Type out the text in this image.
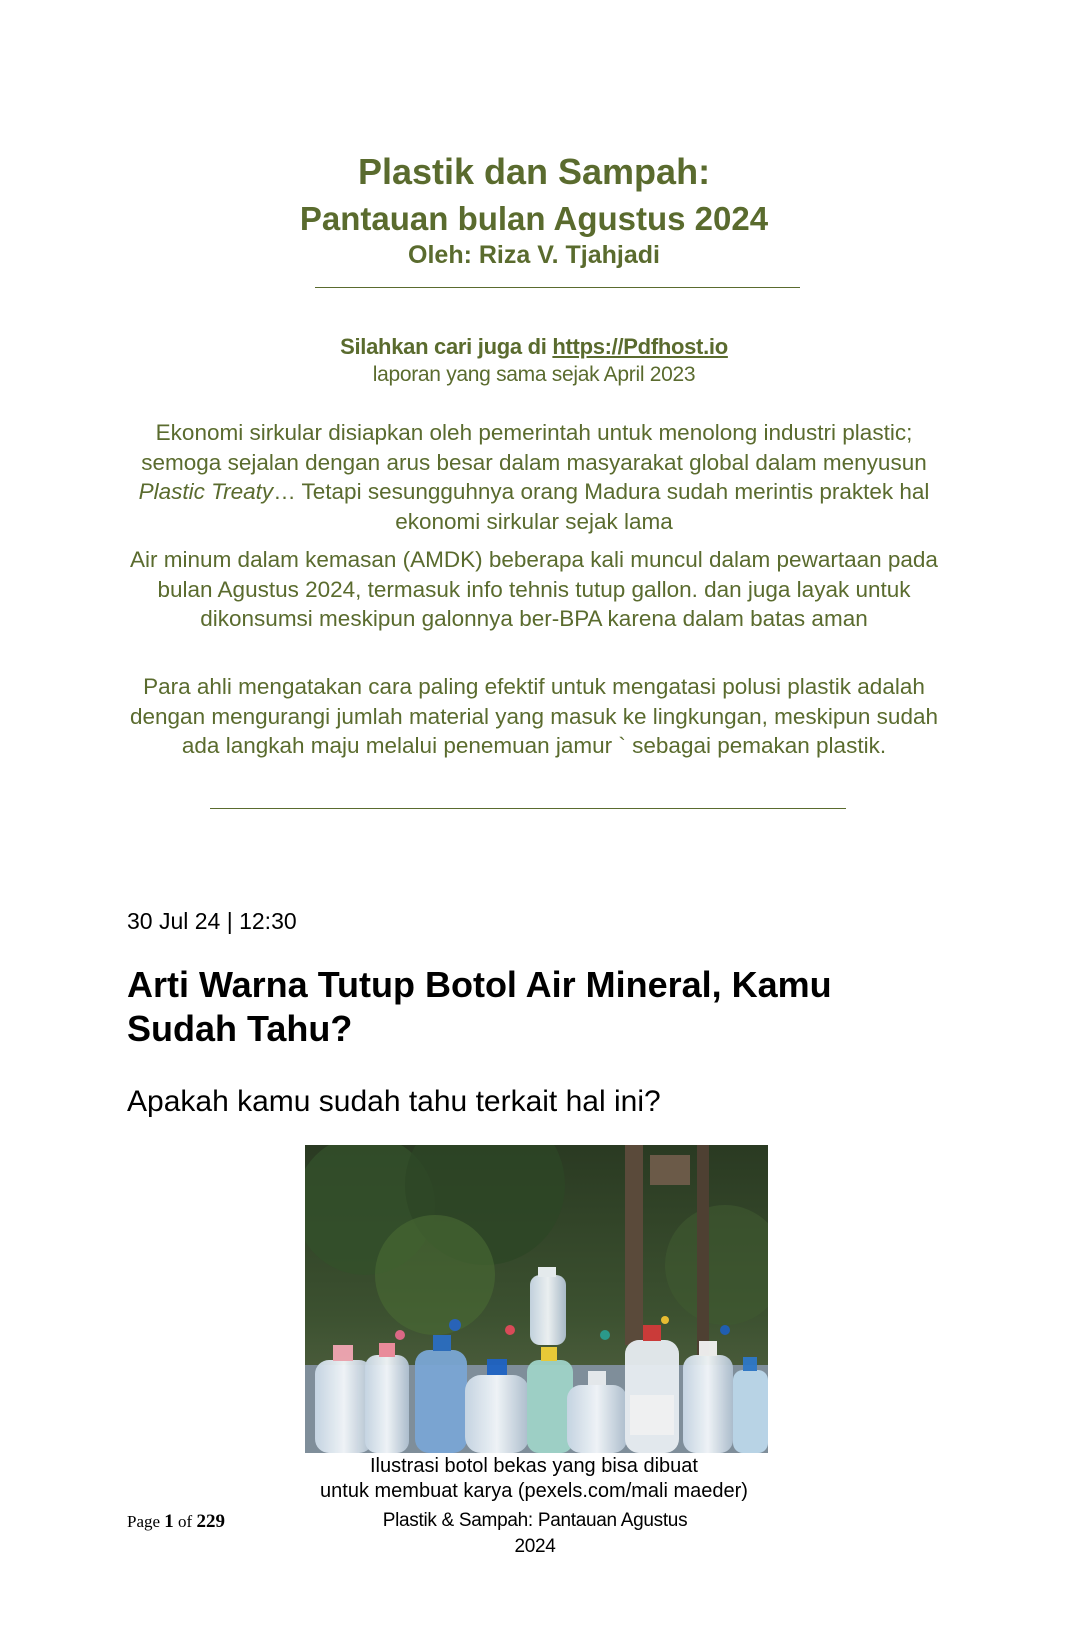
Plastik dan Sampah:
Pantauan bulan Agustus 2024
Oleh: Riza V. Tjahjadi
Silahkan cari juga di https://Pdfhost.io
laporan yang sama sejak April 2023
Ekonomi sirkular disiapkan oleh pemerintah untuk menolong industri plastic; semoga sejalan dengan arus besar dalam masyarakat global dalam menyusun Plastic Treaty… Tetapi sesungguhnya orang Madura sudah merintis praktek hal ekonomi sirkular sejak lama
Air minum dalam kemasan (AMDK) beberapa kali muncul dalam pewartaan pada bulan Agustus 2024, termasuk info tehnis tutup gallon. dan juga layak untuk dikonsumsi meskipun galonnya ber-BPA karena dalam batas aman
Para ahli mengatakan cara paling efektif untuk mengatasi polusi plastik adalah dengan mengurangi jumlah material yang masuk ke lingkungan, meskipun sudah ada langkah maju melalui penemuan jamur ` sebagai pemakan plastik.
30 Jul 24 | 12:30
Arti Warna Tutup Botol Air Mineral, Kamu
Sudah Tahu?
Apakah kamu sudah tahu terkait hal ini?
Ilustrasi botol bekas yang bisa dibuat
untuk membuat karya (pexels.com/mali maeder)
Page 1 of 229	Plastik & Sampah: Pantauan Agustus 2024
